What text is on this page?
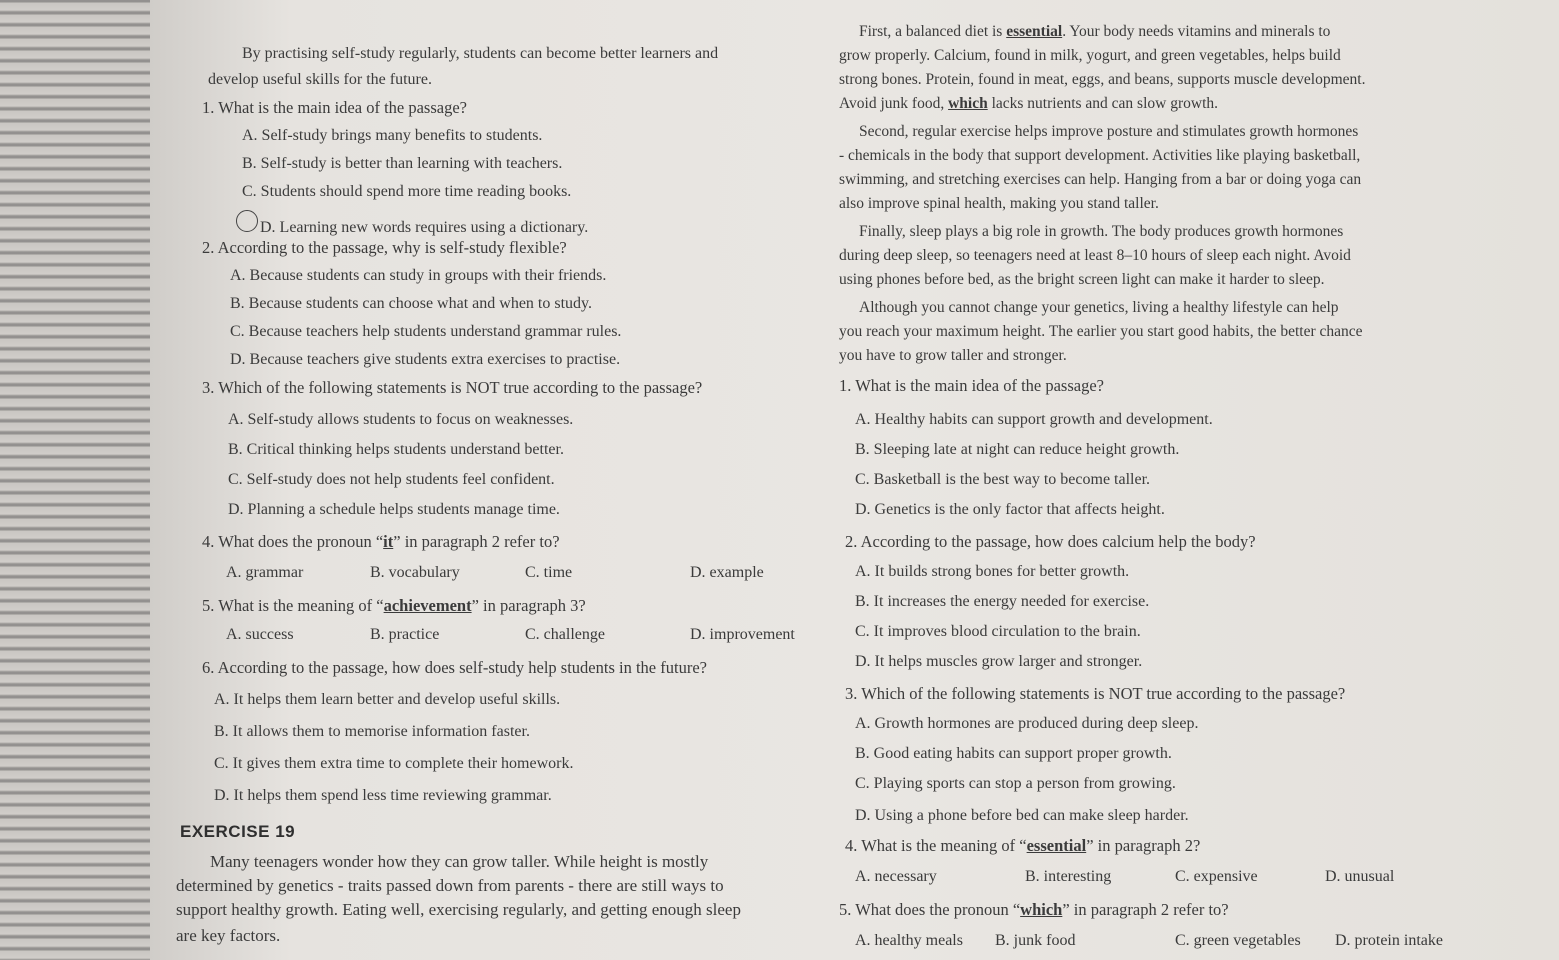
By practising self-study regularly, students can become better learners and
develop useful skills for the future.
1. What is the main idea of the passage?
A. Self-study brings many benefits to students.
B. Self-study is better than learning with teachers.
C. Students should spend more time reading books.
D. Learning new words requires using a dictionary.
2. According to the passage, why is self-study flexible?
A. Because students can study in groups with their friends.
B. Because students can choose what and when to study.
C. Because teachers help students understand grammar rules.
D. Because teachers give students extra exercises to practise.
3. Which of the following statements is NOT true according to the passage?
A. Self-study allows students to focus on weaknesses.
B. Critical thinking helps students understand better.
C. Self-study does not help students feel confident.
D. Planning a schedule helps students manage time.
4. What does the pronoun “it” in paragraph 2 refer to?
A. grammar	B. vocabulary	C. time	D. example
5. What is the meaning of “achievement” in paragraph 3?
A. success	B. practice	C. challenge	D. improvement
6. According to the passage, how does self-study help students in the future?
A. It helps them learn better and develop useful skills.
B. It allows them to memorise information faster.
C. It gives them extra time to complete their homework.
D. It helps them spend less time reviewing grammar.
EXERCISE 19
Many teenagers wonder how they can grow taller. While height is mostly
determined by genetics - traits passed down from parents - there are still ways to
support healthy growth. Eating well, exercising regularly, and getting enough sleep
are key factors.
First, a balanced diet is essential. Your body needs vitamins and minerals to
grow properly. Calcium, found in milk, yogurt, and green vegetables, helps build
strong bones. Protein, found in meat, eggs, and beans, supports muscle development.
Avoid junk food, which lacks nutrients and can slow growth.
Second, regular exercise helps improve posture and stimulates growth hormones
- chemicals in the body that support development. Activities like playing basketball,
swimming, and stretching exercises can help. Hanging from a bar or doing yoga can
also improve spinal health, making you stand taller.
Finally, sleep plays a big role in growth. The body produces growth hormones
during deep sleep, so teenagers need at least 8–10 hours of sleep each night. Avoid
using phones before bed, as the bright screen light can make it harder to sleep.
Although you cannot change your genetics, living a healthy lifestyle can help
you reach your maximum height. The earlier you start good habits, the better chance
you have to grow taller and stronger.
1. What is the main idea of the passage?
A. Healthy habits can support growth and development.
B. Sleeping late at night can reduce height growth.
C. Basketball is the best way to become taller.
D. Genetics is the only factor that affects height.
2. According to the passage, how does calcium help the body?
A. It builds strong bones for better growth.
B. It increases the energy needed for exercise.
C. It improves blood circulation to the brain.
D. It helps muscles grow larger and stronger.
3. Which of the following statements is NOT true according to the passage?
A. Growth hormones are produced during deep sleep.
B. Good eating habits can support proper growth.
C. Playing sports can stop a person from growing.
D. Using a phone before bed can make sleep harder.
4. What is the meaning of “essential” in paragraph 2?
A. necessary	B. interesting	C. expensive	D. unusual
5. What does the pronoun “which” in paragraph 2 refer to?
A. healthy meals B. junk food	C. green vegetables D. protein intake
